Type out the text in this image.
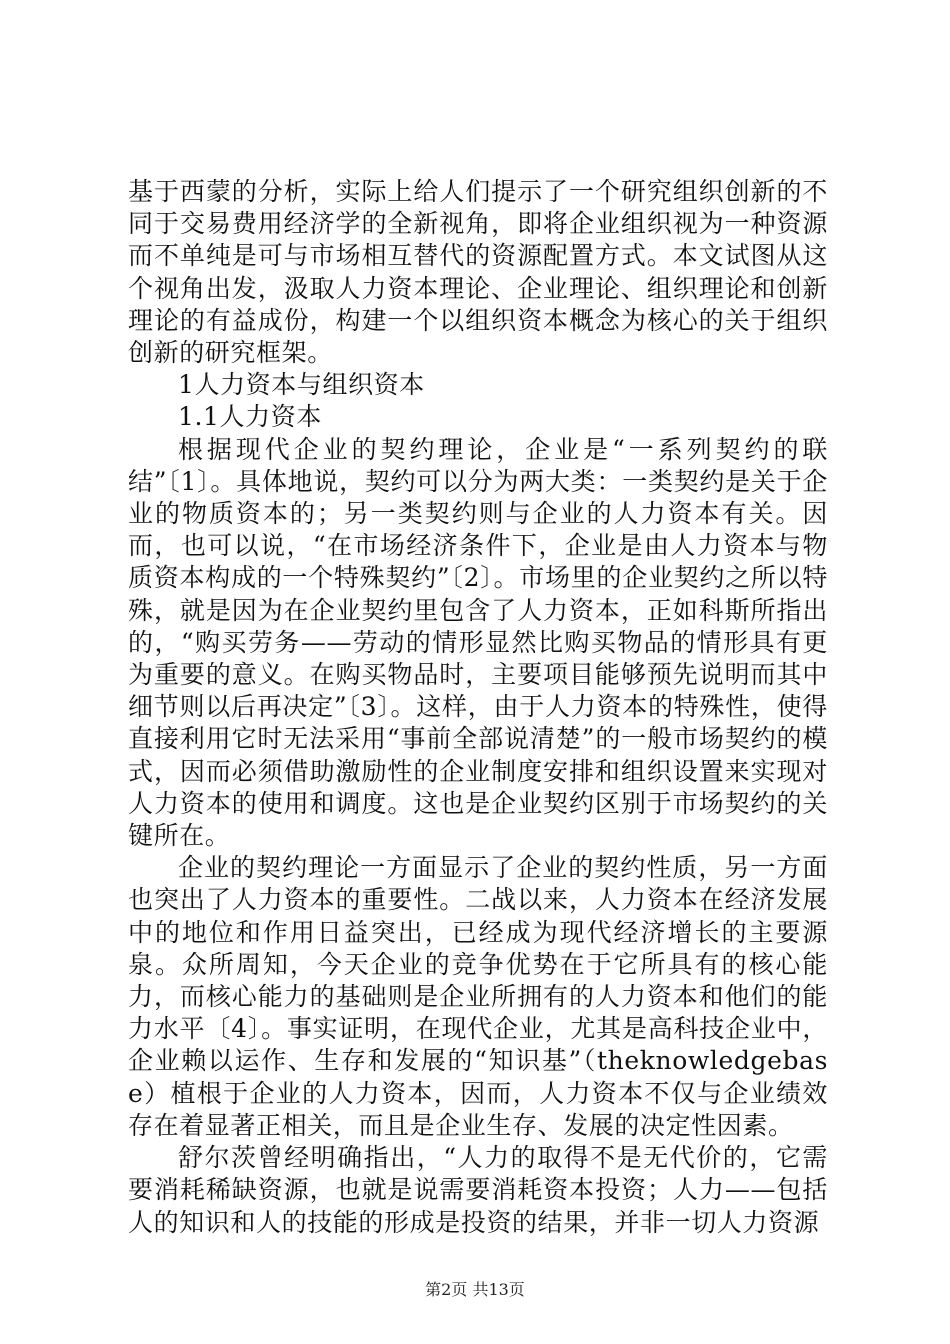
基于西蒙的分析，实际上给人们提示了一个研究组织创新的不同于交易费用经济学的全新视角，即将企业组织视为一种资源而不单纯是可与市场相互替代的资源配置方式。本文试图从这个视角出发，汲取人力资本理论、企业理论、组织理论和创新理论的有益成份，构建一个以组织资本概念为核心的关于组织创新的研究框架。

1人力资本与组织资本

1.1人力资本

根据现代企业的契约理论，企业是“一系列契约的联结”〔1〕。具体地说，契约可以分为两大类：一类契约是关于企业的物质资本的；另一类契约则与企业的人力资本有关。因而，也可以说，“在市场经济条件下，企业是由人力资本与物质资本构成的一个特殊契约”〔2〕。市场里的企业契约之所以特殊，就是因为在企业契约里包含了人力资本，正如科斯所指出的，“购买劳务——劳动的情形显然比购买物品的情形具有更为重要的意义。在购买物品时，主要项目能够预先说明而其中细节则以后再决定”〔3〕。这样，由于人力资本的特殊性，使得直接利用它时无法采用“事前全部说清楚”的一般市场契约的模式，因而必须借助激励性的企业制度安排和组织设置来实现对人力资本的使用和调度。这也是企业契约区别于市场契约的关键所在。

企业的契约理论一方面显示了企业的契约性质，另一方面也突出了人力资本的重要性。二战以来，人力资本在经济发展中的地位和作用日益突出，已经成为现代经济增长的主要源泉。众所周知，今天企业的竞争优势在于它所具有的核心能力，而核心能力的基础则是企业所拥有的人力资本和他们的能力水平〔4〕。事实证明，在现代企业，尤其是高科技企业中，企业赖以运作、生存和发展的“知识基”（theknowledgebase）植根于企业的人力资本，因而，人力资本不仅与企业绩效存在着显著正相关，而且是企业生存、发展的决定性因素。

舒尔茨曾经明确指出，“人力的取得不是无代价的，它需要消耗稀缺资源，也就是说需要消耗资本投资；人力——包括人的知识和人的技能的形成是投资的结果，并非一切人力资源

第2页 共13页
